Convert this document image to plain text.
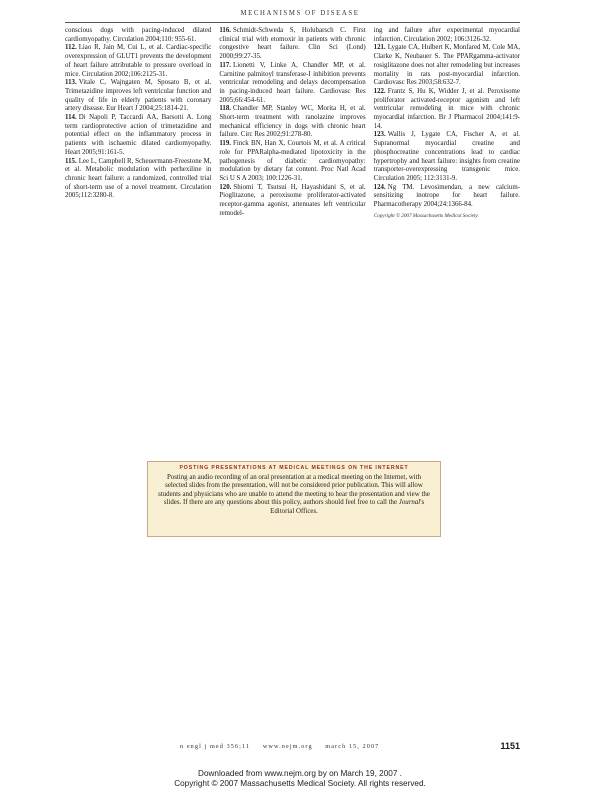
MECHANISMS OF DISEASE

conscious dogs with pacing-induced dilated cardiomyopathy. Circulation 2004;110: 955-61.

112. Liao R, Jain M, Cui L, et al. Cardiac-specific overexpression of GLUT1 prevents the development of heart failure attributable to pressure overload in mice. Circulation 2002;106:2125-31.

113. Vitale C, Wajngaten M, Sposato B, et al. Trimetazidine improves left ventricular function and quality of life in elderly patients with coronary artery disease. Eur Heart J 2004;25:1814-21.

114. Di Napoli P, Taccardi AA, Barsotti A. Long term cardioprotective action of trimetazidine and potential effect on the inflammatory process in patients with ischaemic dilated cardiomyopathy. Heart 2005;91:161-5.

115. Lee L, Campbell R, Scheuermann-Freestone M, et al. Metabolic modulation with perhexiline in chronic heart failure: a randomized, controlled trial of short-term use of a novel treatment. Circulation 2005;112:3280-8.

116. Schmidt-Schweda S, Holubarsch C. First clinical trial with etomoxir in patients with chronic congestive heart failure. Clin Sci (Lond) 2000;99:27-35.

117. Lionetti V, Linke A, Chandler MP, et al. Carnitine palmitoyl transferase-I inhibition prevents ventricular remodeling and delays decompensation in pacing-induced heart failure. Cardiovasc Res 2005;66:454-61.

118. Chandler MP, Stanley WC, Morita H, et al. Short-term treatment with ranolazine improves mechanical efficiency in dogs with chronic heart failure. Circ Res 2002;91:278-80.

119. Finck BN, Han X, Courtois M, et al. A critical role for PPARalpha-mediated lipotoxicity in the pathogenesis of diabetic cardiomyopathy: modulation by dietary fat content. Proc Natl Acad Sci U S A 2003; 100:1226-31.

120. Shiomi T, Tsutsui H, Hayashidani S, et al. Pioglitazone, a peroxisome proliferator-activated receptor-gamma agonist, attenuates left ventricular remodel-

ing and failure after experimental myocardial infarction. Circulation 2002; 106:3126-32.

121. Lygate CA, Hulbert K, Monfared M, Cole MA, Clarke K, Neubauer S. The PPARgamma-activator rosiglitazone does not alter remodeling but increases mortality in rats post-myocardial infarction. Cardiovasc Res 2003;58:632-7.

122. Frantz S, Hu K, Widder J, et al. Peroxisome proliferator activated-receptor agonism and left ventricular remodeling in mice with chronic myocardial infarction. Br J Pharmacol 2004;141:9-14.

123. Wallis J, Lygate CA, Fischer A, et al. Supranormal myocardial creatine and phosphocreatine concentrations lead to cardiac hypertrophy and heart failure: insights from creatine transporter-overexpressing transgenic mice. Circulation 2005; 112:3131-9.

124. Ng TM. Levosimendan, a new calcium-sensitizing inotrope for heart failure. Pharmacotherapy 2004;24:1366-84.

Copyright © 2007 Massachusetts Medical Society.

POSTING PRESENTATIONS AT MEDICAL MEETINGS ON THE INTERNET
Posting an audio recording of an oral presentation at a medical meeting on the Internet, with selected slides from the presentation, will not be considered prior publication. This will allow students and physicians who are unable to attend the meeting to hear the presentation and view the slides. If there are any questions about this policy, authors should feel free to call the Journal's Editorial Offices.
n engl j med 356;11 www.nejm.org march 15, 2007	1151
Downloaded from www.nejm.org by on March 19, 2007 .
Copyright © 2007 Massachusetts Medical Society. All rights reserved.
